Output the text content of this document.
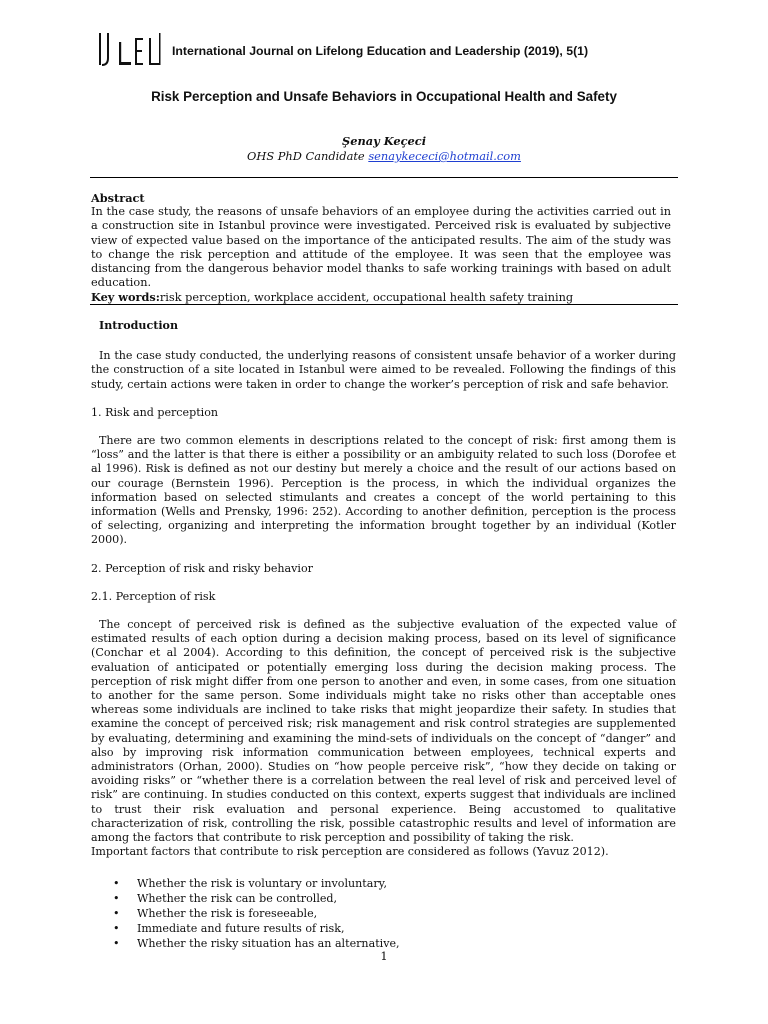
International Journal on Lifelong Education and Leadership (2019), 5(1)
Risk Perception and Unsafe Behaviors in Occupational Health and Safety
Şenay Keçeci
OHS PhD Candidate senaykececi@hotmail.com
Abstract

In the case study, the reasons of unsafe behaviors of an employee during the activities carried out in a construction site in Istanbul province were investigated. Perceived risk is evaluated by subjective view of expected value based on the importance of the anticipated results. The aim of the study was to change the risk perception and attitude of the employee. It was seen that the employee was distancing from the dangerous behavior model thanks to safe working trainings with based on adult education.

Key words:risk perception, workplace accident, occupational health safety training

Introduction

In the case study conducted, the underlying reasons of consistent unsafe behavior of a worker during the construction of a site located in Istanbul were aimed to be revealed. Following the findings of this study, certain actions were taken in order to change the worker’s perception of risk and safe behavior.

1. Risk and perception

There are two common elements in descriptions related to the concept of risk: first among them is “loss” and the latter is that there is either a possibility or an ambiguity related to such loss (Dorofee et al 1996). Risk is defined as not our destiny but merely a choice and the result of our actions based on our courage (Bernstein 1996). Perception is the process, in which the individual organizes the information based on selected stimulants and creates a concept of the world pertaining to this information (Wells and Prensky, 1996: 252). According to another definition, perception is the process of selecting, organizing and interpreting the information brought together by an individual (Kotler 2000).

2. Perception of risk and risky behavior

2.1. Perception of risk

The concept of perceived risk is defined as the subjective evaluation of the expected value of estimated results of each option during a decision making process, based on its level of significance (Conchar et al 2004). According to this definition, the concept of perceived risk is the subjective evaluation of anticipated or potentially emerging loss during the decision making process. The perception of risk might differ from one person to another and even, in some cases, from one situation to another for the same person. Some individuals might take no risks other than acceptable ones whereas some individuals are inclined to take risks that might jeopardize their safety. In studies that examine the concept of perceived risk; risk management and risk control strategies are supplemented by evaluating, determining and examining the mind-sets of individuals on the concept of “danger” and also by improving risk information communication between employees, technical experts and administrators (Orhan, 2000). Studies on “how people perceive risk”, “how they decide on taking or avoiding risks” or “whether there is a correlation between the real level of risk and perceived level of risk” are continuing. In studies conducted on this context, experts suggest that individuals are inclined to trust their risk evaluation and personal experience. Being accustomed to qualitative characterization of risk, controlling the risk, possible catastrophic results and level of information are among the factors that contribute to risk perception and possibility of taking the risk.

Important factors that contribute to risk perception are considered as follows (Yavuz 2012).

•	Whether the risk is voluntary or involuntary,
•	Whether the risk can be controlled,
•	Whether the risk is foreseeable,
•	Immediate and future results of risk,
•	Whether the risky situation has an alternative,
1
